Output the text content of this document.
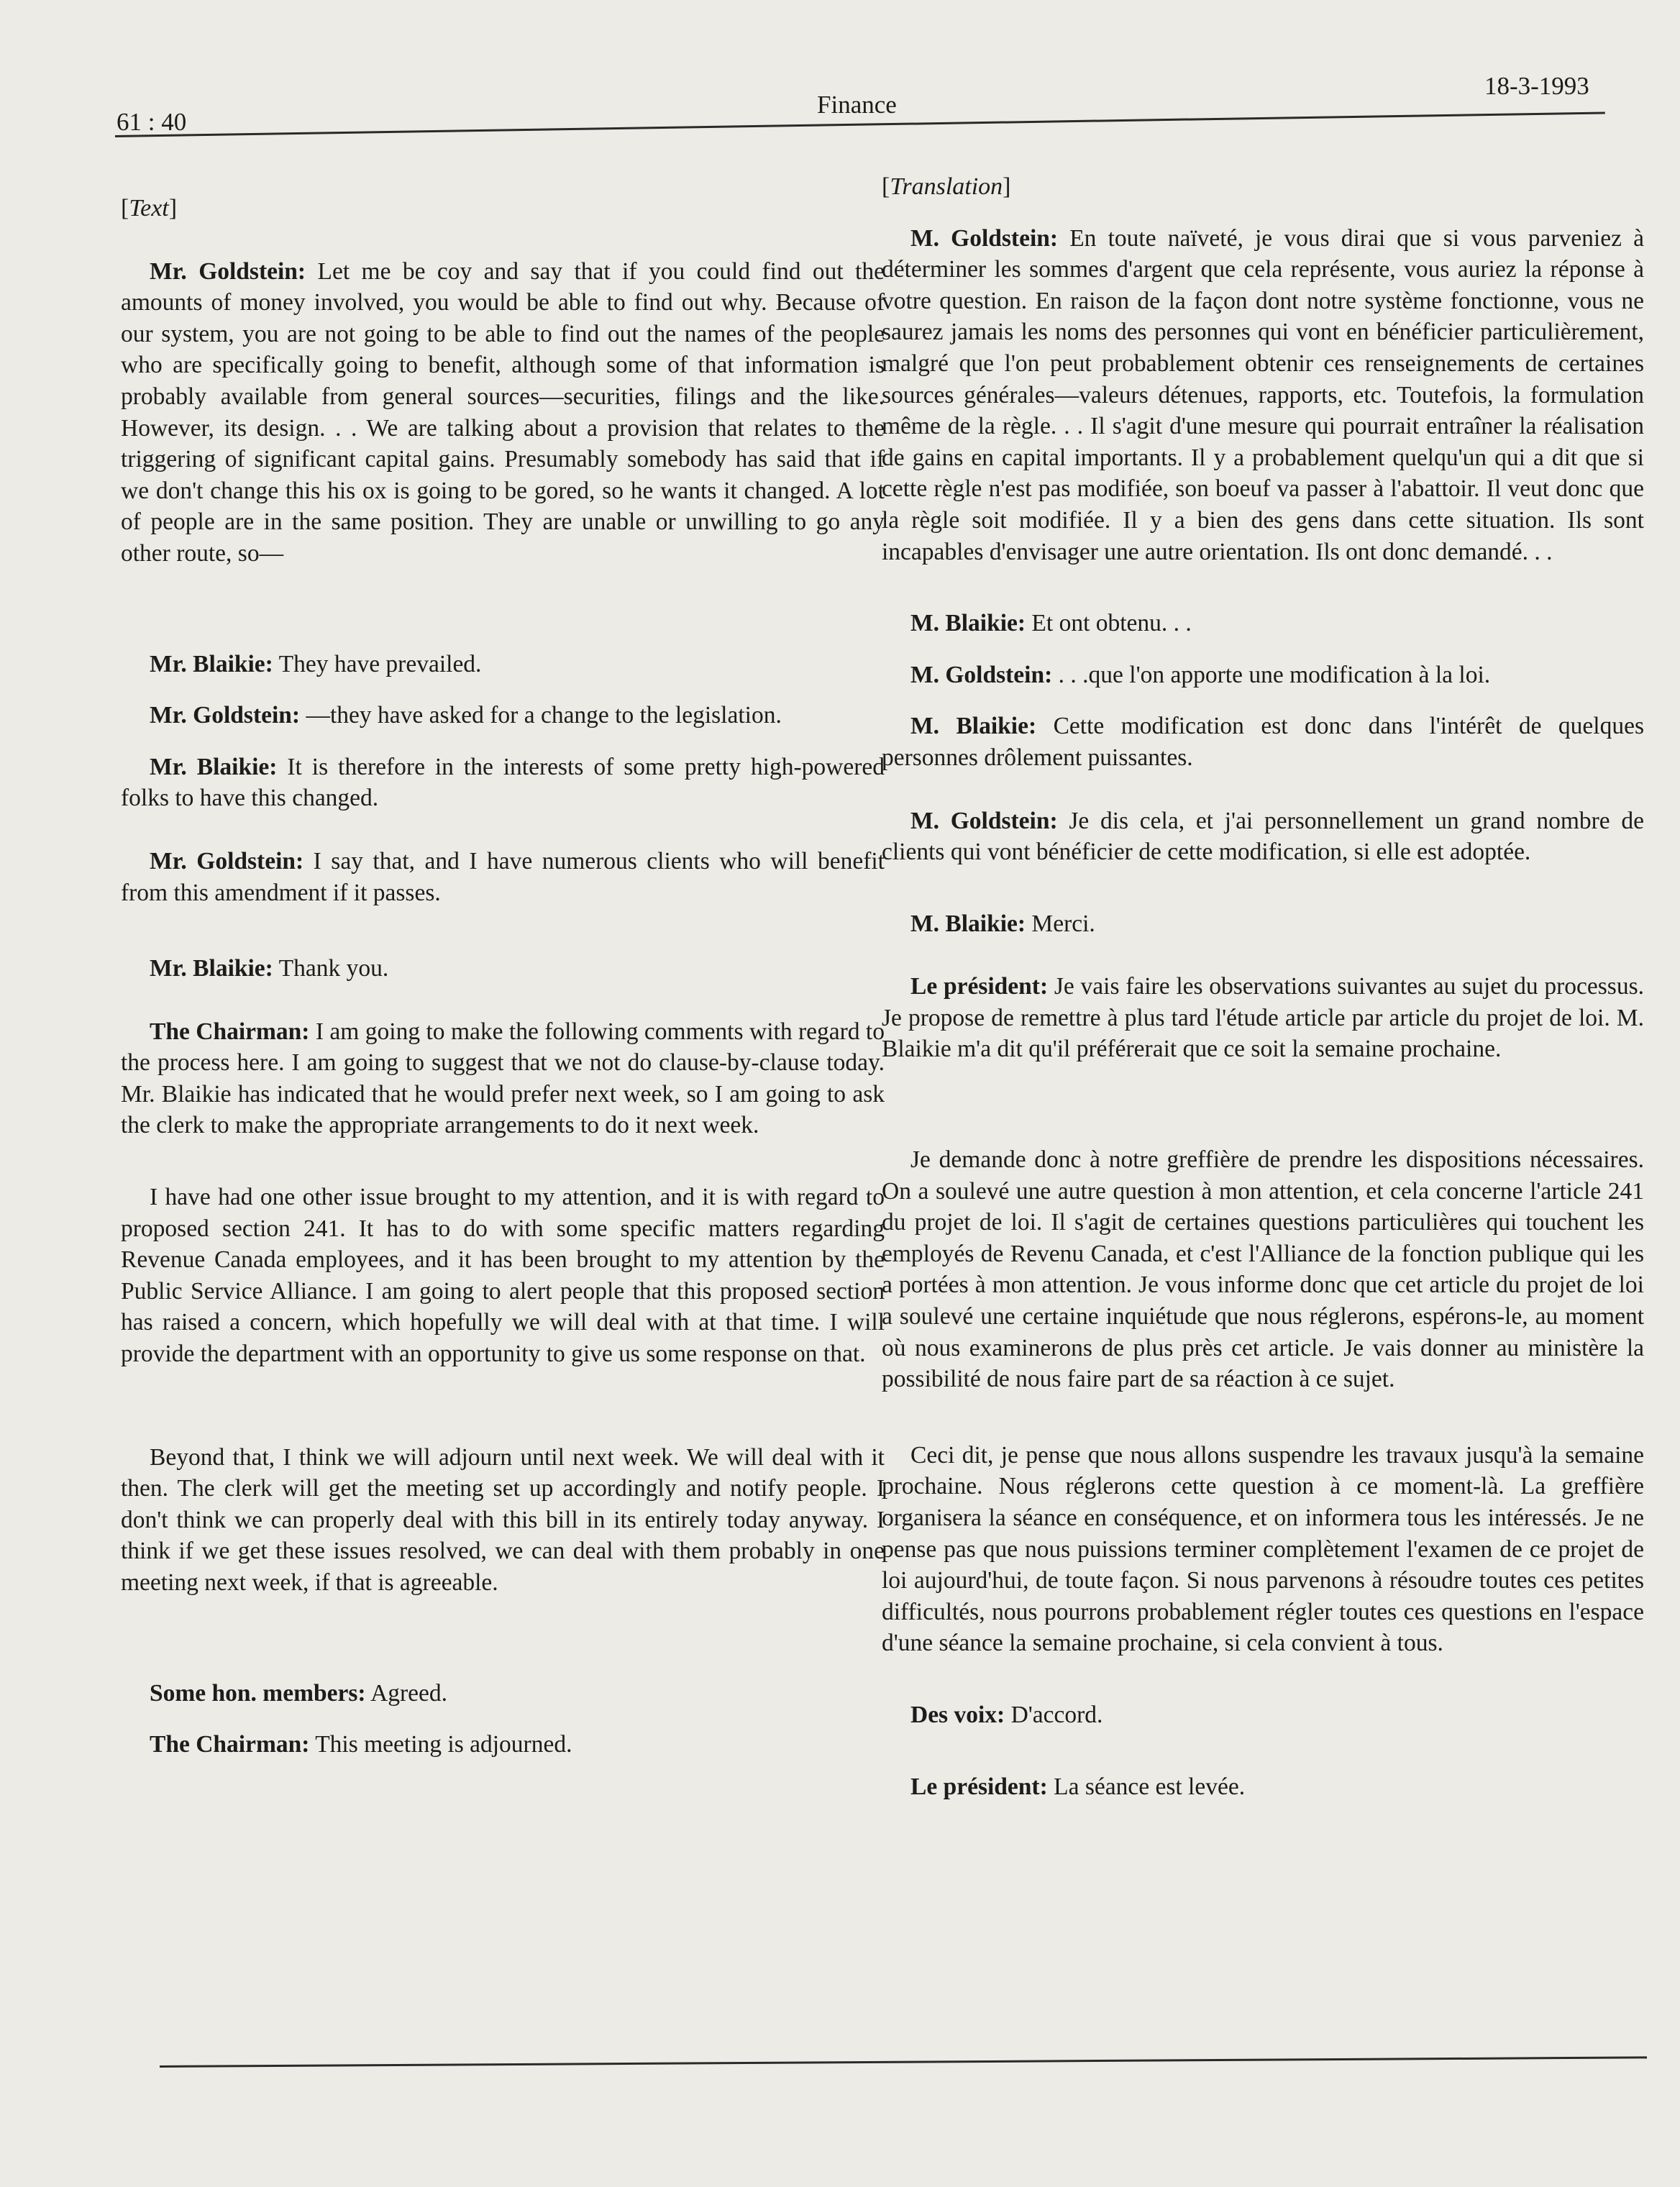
61 : 40
Finance
18-3-1993

[Text]

Mr. Goldstein: Let me be coy and say that if you could find out the amounts of money involved, you would be able to find out why. Because of our system, you are not going to be able to find out the names of the people who are specifically going to benefit, although some of that information is probably available from general sources—securities, filings and the like. However, its design. . . We are talking about a provision that relates to the triggering of significant capital gains. Presumably somebody has said that if we don't change this his ox is going to be gored, so he wants it changed. A lot of people are in the same position. They are unable or unwilling to go any other route, so—

Mr. Blaikie: They have prevailed.

Mr. Goldstein: —they have asked for a change to the legislation.

Mr. Blaikie: It is therefore in the interests of some pretty high-powered folks to have this changed.

Mr. Goldstein: I say that, and I have numerous clients who will benefit from this amendment if it passes.

Mr. Blaikie: Thank you.

The Chairman: I am going to make the following comments with regard to the process here. I am going to suggest that we not do clause-by-clause today. Mr. Blaikie has indicated that he would prefer next week, so I am going to ask the clerk to make the appropriate arrangements to do it next week.

I have had one other issue brought to my attention, and it is with regard to proposed section 241. It has to do with some specific matters regarding Revenue Canada employees, and it has been brought to my attention by the Public Service Alliance. I am going to alert people that this proposed section has raised a concern, which hopefully we will deal with at that time. I will provide the department with an opportunity to give us some response on that.

Beyond that, I think we will adjourn until next week. We will deal with it then. The clerk will get the meeting set up accordingly and notify people. I don't think we can properly deal with this bill in its entirely today anyway. I think if we get these issues resolved, we can deal with them probably in one meeting next week, if that is agreeable.

Some hon. members: Agreed.

The Chairman: This meeting is adjourned.

[Translation]

M. Goldstein: En toute naïveté, je vous dirai que si vous parveniez à déterminer les sommes d'argent que cela représente, vous auriez la réponse à votre question. En raison de la façon dont notre système fonctionne, vous ne saurez jamais les noms des personnes qui vont en bénéficier particulièrement, malgré que l'on peut probablement obtenir ces renseignements de certaines sources générales—valeurs détenues, rapports, etc. Toutefois, la formulation même de la règle. . . Il s'agit d'une mesure qui pourrait entraîner la réalisation de gains en capital importants. Il y a probablement quelqu'un qui a dit que si cette règle n'est pas modifiée, son boeuf va passer à l'abattoir. Il veut donc que la règle soit modifiée. Il y a bien des gens dans cette situation. Ils sont incapables d'envisager une autre orientation. Ils ont donc demandé. . .

M. Blaikie: Et ont obtenu. . .

M. Goldstein: . . .que l'on apporte une modification à la loi.

M. Blaikie: Cette modification est donc dans l'intérêt de quelques personnes drôlement puissantes.

M. Goldstein: Je dis cela, et j'ai personnellement un grand nombre de clients qui vont bénéficier de cette modification, si elle est adoptée.

M. Blaikie: Merci.

Le président: Je vais faire les observations suivantes au sujet du processus. Je propose de remettre à plus tard l'étude article par article du projet de loi. M. Blaikie m'a dit qu'il préférerait que ce soit la semaine prochaine.

Je demande donc à notre greffière de prendre les dispositions nécessaires. On a soulevé une autre question à mon attention, et cela concerne l'article 241 du projet de loi. Il s'agit de certaines questions particulières qui touchent les employés de Revenu Canada, et c'est l'Alliance de la fonction publique qui les a portées à mon attention. Je vous informe donc que cet article du projet de loi a soulevé une certaine inquiétude que nous réglerons, espérons-le, au moment où nous examinerons de plus près cet article. Je vais donner au ministère la possibilité de nous faire part de sa réaction à ce sujet.

Ceci dit, je pense que nous allons suspendre les travaux jusqu'à la semaine prochaine. Nous réglerons cette question à ce moment-là. La greffière organisera la séance en conséquence, et on informera tous les intéressés. Je ne pense pas que nous puissions terminer complètement l'examen de ce projet de loi aujourd'hui, de toute façon. Si nous parvenons à résoudre toutes ces petites difficultés, nous pourrons probablement régler toutes ces questions en l'espace d'une séance la semaine prochaine, si cela convient à tous.

Des voix: D'accord.

Le président: La séance est levée.
